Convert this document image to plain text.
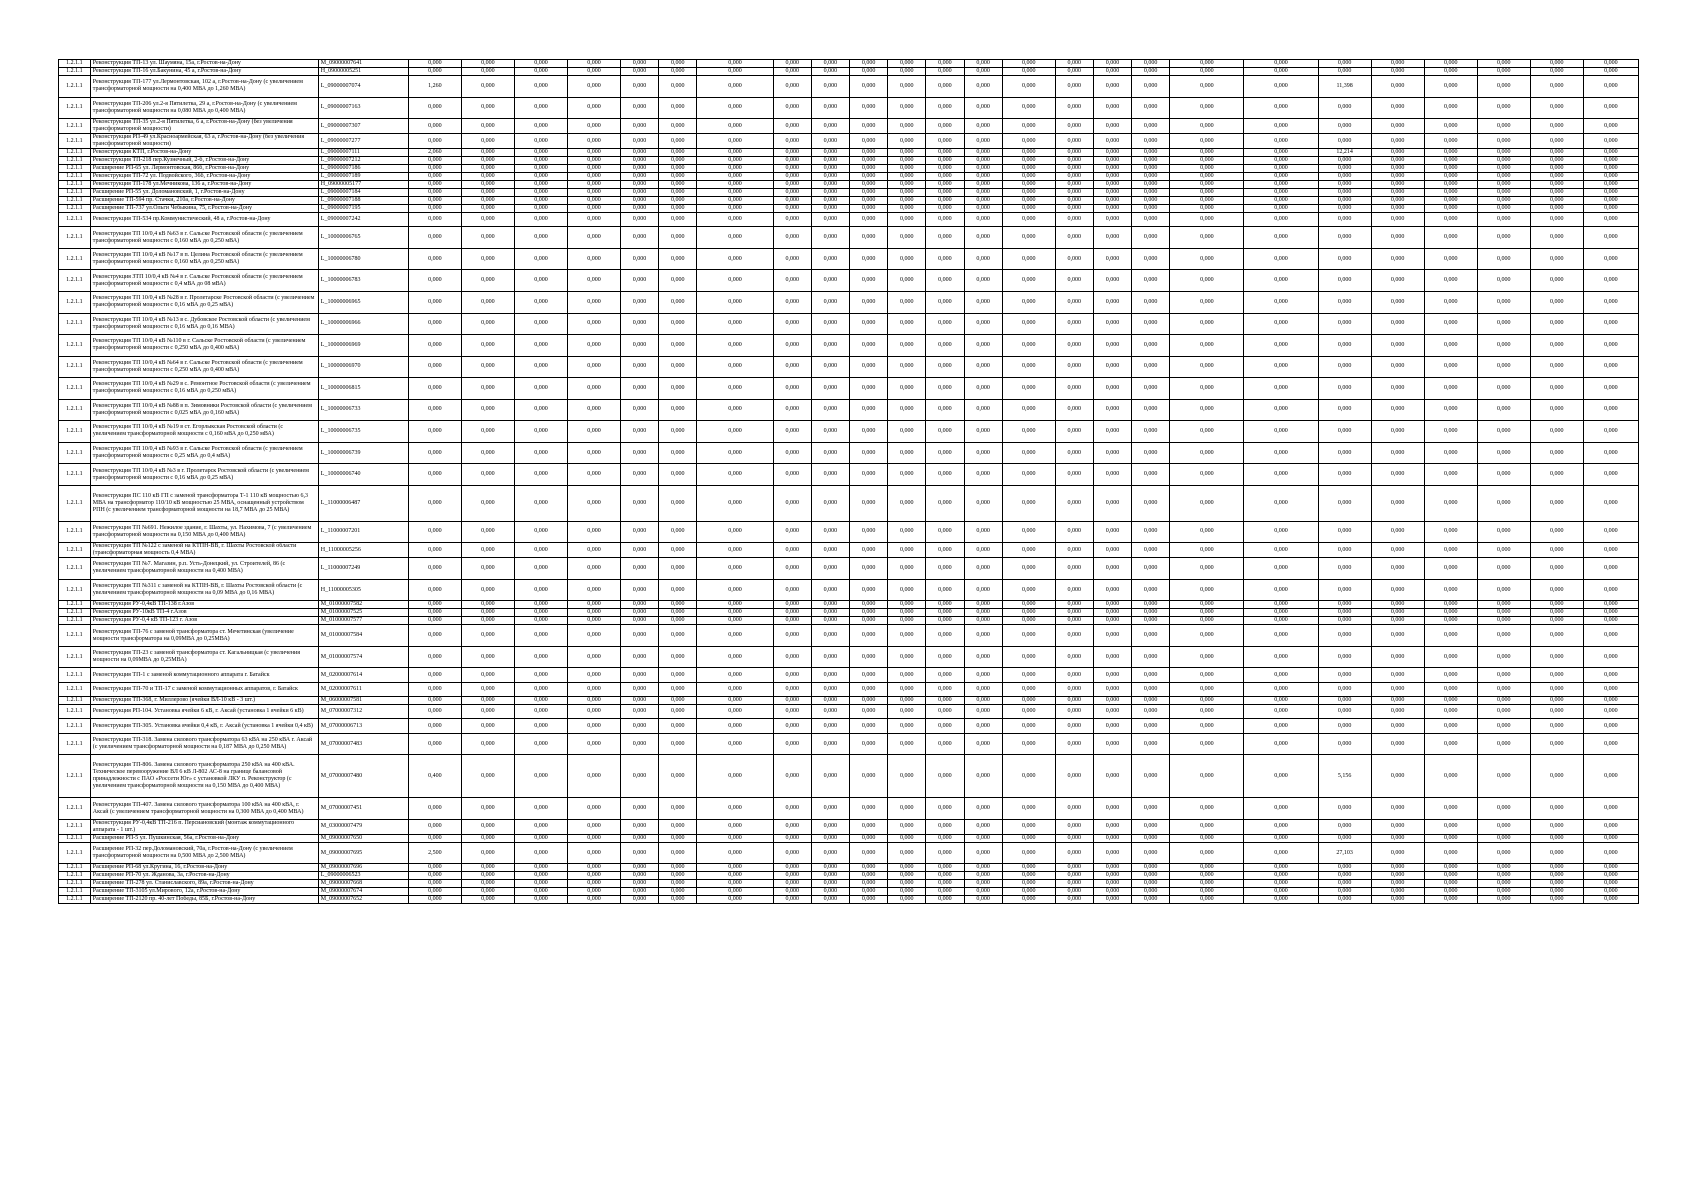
1.2.1.1	Реконструкция ТП-13 ул. Шаумяна, 15а, г.Ростов-на-Дону	M_09000007641	0,000	0,000	0,000	0,000	0,000	0,000	0,000	0,000	0,000	0,000	0,000	0,000	0,000	0,000	0,000	0,000	0,000	0,000	0,000	0,000	0,000	0,000	0,000	0,000	0,000
1.2.1.1	Реконструкция ТП-16 ул.Бакунина, 45 а, г.Ростов-на-Дону	H_09000005251	0,000	0,000	0,000	0,000	0,000	0,000	0,000	0,000	0,000	0,000	0,000	0,000	0,000	0,000	0,000	0,000	0,000	0,000	0,000	0,000	0,000	0,000	0,000	0,000	0,000
1.2.1.1	Реконструкция ТП-177 ул.Лермонтовская, 102 а, г.Ростов-на-Дону (с увеличением трансформаторной мощности на 0,400 МВА до 1,260 МВА)	L_09000007074	1,260	0,000	0,000	0,000	0,000	0,000	0,000	0,000	0,000	0,000	0,000	0,000	0,000	0,000	0,000	0,000	0,000	0,000	0,000	11,398	0,000	0,000	0,000	0,000	0,000
1.2.1.1	Реконструкция ТП-206 ул.2-я Пятилетка, 29 а, г.Ростов-на-Дону (с увеличением трансформаторной мощности на 0,080 МВА до 0,400 МВА)	L_09000007163	0,000	0,000	0,000	0,000	0,000	0,000	0,000	0,000	0,000	0,000	0,000	0,000	0,000	0,000	0,000	0,000	0,000	0,000	0,000	0,000	0,000	0,000	0,000	0,000	0,000
1.2.1.1	Реконструкция ТП-35 ул.2-я Пятилетка, 6 а, г.Ростов-на-Дону (без увеличения трансформаторной мощности)	L_09000007307	0,000	0,000	0,000	0,000	0,000	0,000	0,000	0,000	0,000	0,000	0,000	0,000	0,000	0,000	0,000	0,000	0,000	0,000	0,000	0,000	0,000	0,000	0,000	0,000	0,000
1.2.1.1	Реконструкция РП-49 ул.Красноармейская, 63 а, г.Ростов-на-Дону (без увеличения трансформаторной мощности)	L_09000007277	0,000	0,000	0,000	0,000	0,000	0,000	0,000	0,000	0,000	0,000	0,000	0,000	0,000	0,000	0,000	0,000	0,000	0,000	0,000	0,000	0,000	0,000	0,000	0,000	0,000
1.2.1.1	Реконструкция КТП, г.Ростов-на-Дону	L_09000007111	2,060	0,000	0,000	0,000	0,000	0,000	0,000	0,000	0,000	0,000	0,000	0,000	0,000	0,000	0,000	0,000	0,000	0,000	0,000	12,214	0,000	0,000	0,000	0,000	0,000
1.2.1.1	Реконструкция ТП-218 пер.Кузнечный, 2-б, г.Ростов-на-Дону	L_09000007212	0,000	0,000	0,000	0,000	0,000	0,000	0,000	0,000	0,000	0,000	0,000	0,000	0,000	0,000	0,000	0,000	0,000	0,000	0,000	0,000	0,000	0,000	0,000	0,000	0,000
1.2.1.1	Расширение РП-65 ул. Лермонтовская, 86б, г.Ростов-на-Дону	L_09000007186	0,000	0,000	0,000	0,000	0,000	0,000	0,000	0,000	0,000	0,000	0,000	0,000	0,000	0,000	0,000	0,000	0,000	0,000	0,000	0,000	0,000	0,000	0,000	0,000	0,000
1.2.1.1	Реконструкция ТП-72 ул. Подвойского, 36б, г.Ростов-на-Дону	L_09000007189	0,000	0,000	0,000	0,000	0,000	0,000	0,000	0,000	0,000	0,000	0,000	0,000	0,000	0,000	0,000	0,000	0,000	0,000	0,000	0,000	0,000	0,000	0,000	0,000	0,000
1.2.1.1	Реконструкция ТП-178 ул.Мечникова, 136 а, г.Ростов-на-Дону	H_09000005177	0,000	0,000	0,000	0,000	0,000	0,000	0,000	0,000	0,000	0,000	0,000	0,000	0,000	0,000	0,000	0,000	0,000	0,000	0,000	0,000	0,000	0,000	0,000	0,000	0,000
1.2.1.1	Расширение РП-55 ул. Доломановский, 1, г.Ростов-на-Дону	L_09000007184	0,000	0,000	0,000	0,000	0,000	0,000	0,000	0,000	0,000	0,000	0,000	0,000	0,000	0,000	0,000	0,000	0,000	0,000	0,000	0,000	0,000	0,000	0,000	0,000	0,000
1.2.1.1	Расширение ТП-594 пр. Стачки, 210а, г.Ростов-на-Дону	L_09000007188	0,000	0,000	0,000	0,000	0,000	0,000	0,000	0,000	0,000	0,000	0,000	0,000	0,000	0,000	0,000	0,000	0,000	0,000	0,000	0,000	0,000	0,000	0,000	0,000	0,000
1.2.1.1	Расширение ТП-737 ул.Ольги Чебыкина, 75, г.Ростов-на-Дону	L_09000007195	0,000	0,000	0,000	0,000	0,000	0,000	0,000	0,000	0,000	0,000	0,000	0,000	0,000	0,000	0,000	0,000	0,000	0,000	0,000	0,000	0,000	0,000	0,000	0,000	0,000
1.2.1.1	Реконструкция ТП-534 пр.Коммунистический, 48 а, г.Ростов-на-Дону	L_09000007242	0,000	0,000	0,000	0,000	0,000	0,000	0,000	0,000	0,000	0,000	0,000	0,000	0,000	0,000	0,000	0,000	0,000	0,000	0,000	0,000	0,000	0,000	0,000	0,000	0,000
1.2.1.1	Реконструкция ТП 10/0,4 кВ №63 в г. Сальске Ростовской области (с увеличением трансформаторной мощности с 0,160 мВА до 0,250 мВА)	L_10000006765	0,000	0,000	0,000	0,000	0,000	0,000	0,000	0,000	0,000	0,000	0,000	0,000	0,000	0,000	0,000	0,000	0,000	0,000	0,000	0,000	0,000	0,000	0,000	0,000	0,000
1.2.1.1	Реконструкция ТП 10/0,4 кВ №17 в п. Целина Ростовской области (с увеличением трансформаторной мощности с 0,160 мВА до 0,250 мВА)	L_10000006780	0,000	0,000	0,000	0,000	0,000	0,000	0,000	0,000	0,000	0,000	0,000	0,000	0,000	0,000	0,000	0,000	0,000	0,000	0,000	0,000	0,000	0,000	0,000	0,000	0,000
1.2.1.1	Реконструкция ЗТП 10/0,4 кВ №4 в г. Сальске Ростовской области (с увеличением трансформаторной мощности с 0,4 мВА до 08 мВА)	L_10000006783	0,000	0,000	0,000	0,000	0,000	0,000	0,000	0,000	0,000	0,000	0,000	0,000	0,000	0,000	0,000	0,000	0,000	0,000	0,000	0,000	0,000	0,000	0,000	0,000	0,000
1.2.1.1	Реконструкция ТП 10/0,4 кВ №28 в г. Пролетарске Ростовской области (с увеличением трансформаторной мощности с 0,16 мВА до 0,25 мВА)	L_10000006965	0,000	0,000	0,000	0,000	0,000	0,000	0,000	0,000	0,000	0,000	0,000	0,000	0,000	0,000	0,000	0,000	0,000	0,000	0,000	0,000	0,000	0,000	0,000	0,000	0,000
1.2.1.1	Реконструкция ТП 10/0,4 кВ №13 в с. Дубовское Ростовской области (с увеличением трансформаторной мощности с 0,16 мВА до 0,16 МВА)	L_10000006966	0,000	0,000	0,000	0,000	0,000	0,000	0,000	0,000	0,000	0,000	0,000	0,000	0,000	0,000	0,000	0,000	0,000	0,000	0,000	0,000	0,000	0,000	0,000	0,000	0,000
1.2.1.1	Реконструкция ТП 10/0,4 кВ №110 в г. Сальске Ростовской области (с увеличением трансформаторной мощности с 0,250 мВА до 0,400 мВА)	L_10000006969	0,000	0,000	0,000	0,000	0,000	0,000	0,000	0,000	0,000	0,000	0,000	0,000	0,000	0,000	0,000	0,000	0,000	0,000	0,000	0,000	0,000	0,000	0,000	0,000	0,000
1.2.1.1	Реконструкция ТП 10/0,4 кВ №64 в г. Сальске Ростовской области (с увеличением трансформаторной мощности с 0,250 мВА до 0,400 мВА)	L_10000006970	0,000	0,000	0,000	0,000	0,000	0,000	0,000	0,000	0,000	0,000	0,000	0,000	0,000	0,000	0,000	0,000	0,000	0,000	0,000	0,000	0,000	0,000	0,000	0,000	0,000
1.2.1.1	Реконструкция ТП 10/0,4 кВ №29 в с. Ремонтное Ростовской области (с увеличением трансформаторной мощности с 0,16 мВА до 0,250 мВА)	L_10000006815	0,000	0,000	0,000	0,000	0,000	0,000	0,000	0,000	0,000	0,000	0,000	0,000	0,000	0,000	0,000	0,000	0,000	0,000	0,000	0,000	0,000	0,000	0,000	0,000	0,000
1.2.1.1	Реконструкция ТП 10/0,4 кВ №88 в п. Зимовники Ростовской области (с увеличением трансформаторной мощности с 0,025 мВА до 0,160 мВА)	L_10000006733	0,000	0,000	0,000	0,000	0,000	0,000	0,000	0,000	0,000	0,000	0,000	0,000	0,000	0,000	0,000	0,000	0,000	0,000	0,000	0,000	0,000	0,000	0,000	0,000	0,000
1.2.1.1	Реконструкция ТП 10/0,4 кВ №19 в ст. Егорлыкская Ростовской области (с увеличением трансформаторной мощности с 0,160 мВА до 0,250 мВА)	L_10000006735	0,000	0,000	0,000	0,000	0,000	0,000	0,000	0,000	0,000	0,000	0,000	0,000	0,000	0,000	0,000	0,000	0,000	0,000	0,000	0,000	0,000	0,000	0,000	0,000	0,000
1.2.1.1	Реконструкция ТП 10/0,4 кВ №93 в г. Сальске Ростовской области (с увеличением трансформаторной мощности с 0,25 мВА до 0,4 мВА)	L_10000006739	0,000	0,000	0,000	0,000	0,000	0,000	0,000	0,000	0,000	0,000	0,000	0,000	0,000	0,000	0,000	0,000	0,000	0,000	0,000	0,000	0,000	0,000	0,000	0,000	0,000
1.2.1.1	Реконструкция ТП 10/0,4 кВ №3 в г. Пролетарск Ростовской области (с увеличением трансформаторной мощности с 0,16 мВА до 0,25 мВА)	L_10000006740	0,000	0,000	0,000	0,000	0,000	0,000	0,000	0,000	0,000	0,000	0,000	0,000	0,000	0,000	0,000	0,000	0,000	0,000	0,000	0,000	0,000	0,000	0,000	0,000	0,000
1.2.1.1	Реконструкция ПС 110 кВ ГП с заменой трансформатора Т-1 110 кВ мощностью 6,3 МВА на трансформатор 110/10 кВ мощностью 25 МВА, оснащенный устройством РПН (с увеличением трансформаторной мощности на 18,7 МВА до 25 МВА)	L_11000006487	0,000	0,000	0,000	0,000	0,000	0,000	0,000	0,000	0,000	0,000	0,000	0,000	0,000	0,000	0,000	0,000	0,000	0,000	0,000	0,000	0,000	0,000	0,000	0,000	0,000
1.2.1.1	Реконструкция ТП №691. Нежилое здание, г. Шахты, ул. Нахимова, 7 (с увеличением трансформаторной мощности на 0,150 МВА до 0,400 МВА)	L_11000007201	0,000	0,000	0,000	0,000	0,000	0,000	0,000	0,000	0,000	0,000	0,000	0,000	0,000	0,000	0,000	0,000	0,000	0,000	0,000	0,000	0,000	0,000	0,000	0,000	0,000
1.2.1.1	Реконструкция ТП №122 с заменой на КТПН-ВВ, г. Шахты Ростовской области (трансформаторная мощность 0,4 МВА)	H_11000005256	0,000	0,000	0,000	0,000	0,000	0,000	0,000	0,000	0,000	0,000	0,000	0,000	0,000	0,000	0,000	0,000	0,000	0,000	0,000	0,000	0,000	0,000	0,000	0,000	0,000
1.2.1.1	Реконструкция ТП №7. Магазин, р.п. Усть-Донецкий, ул. Строителей, 86 (с увеличением трансформаторной мощности на 0,400 МВА)	L_11000007249	0,000	0,000	0,000	0,000	0,000	0,000	0,000	0,000	0,000	0,000	0,000	0,000	0,000	0,000	0,000	0,000	0,000	0,000	0,000	0,000	0,000	0,000	0,000	0,000	0,000
1.2.1.1	Реконструкция ТП №311 с заменой на КТПН-ВВ, г. Шахты Ростовской области (с увеличением трансформаторной мощности на 0,09 МВА до 0,16 МВА)	H_11000005305	0,000	0,000	0,000	0,000	0,000	0,000	0,000	0,000	0,000	0,000	0,000	0,000	0,000	0,000	0,000	0,000	0,000	0,000	0,000	0,000	0,000	0,000	0,000	0,000	0,000
1.2.1.1	Реконструкция РУ-0,4кВ ТП-138 г.Азов	M_01000007582	0,000	0,000	0,000	0,000	0,000	0,000	0,000	0,000	0,000	0,000	0,000	0,000	0,000	0,000	0,000	0,000	0,000	0,000	0,000	0,000	0,000	0,000	0,000	0,000	0,000
1.2.1.1	Реконструкция РУ-10кВ ТП-4 г.Азов	M_01000007525	0,000	0,000	0,000	0,000	0,000	0,000	0,000	0,000	0,000	0,000	0,000	0,000	0,000	0,000	0,000	0,000	0,000	0,000	0,000	0,000	0,000	0,000	0,000	0,000	0,000
1.2.1.1	Реконструкция РУ-0,4 кВ ТП-123 г. Азов	M_01000007577	0,000	0,000	0,000	0,000	0,000	0,000	0,000	0,000	0,000	0,000	0,000	0,000	0,000	0,000	0,000	0,000	0,000	0,000	0,000	0,000	0,000	0,000	0,000	0,000	0,000
1.2.1.1	Реконструкция ТП-76 с заменой трансформатора ст. Мечетинская (увеличение мощности трансформатора на 0,09МВА до 0,25МВА)	M_01000007584	0,000	0,000	0,000	0,000	0,000	0,000	0,000	0,000	0,000	0,000	0,000	0,000	0,000	0,000	0,000	0,000	0,000	0,000	0,000	0,000	0,000	0,000	0,000	0,000	0,000
1.2.1.1	Реконструкция ТП-23 с заменой трансформатора ст. Кагальницкая (с увеличения мощности на 0,09МВА до 0,25МВА)	M_01000007574	0,000	0,000	0,000	0,000	0,000	0,000	0,000	0,000	0,000	0,000	0,000	0,000	0,000	0,000	0,000	0,000	0,000	0,000	0,000	0,000	0,000	0,000	0,000	0,000	0,000
1.2.1.1	Реконструкция ТП-1 с заменой коммутационного аппарата г. Батайск	M_02000007614	0,000	0,000	0,000	0,000	0,000	0,000	0,000	0,000	0,000	0,000	0,000	0,000	0,000	0,000	0,000	0,000	0,000	0,000	0,000	0,000	0,000	0,000	0,000	0,000	0,000
1.2.1.1	Реконструкция ТП-70 и ТП-17 с заменой коммутационных аппаратов, г. Батайск	M_02000007611	0,000	0,000	0,000	0,000	0,000	0,000	0,000	0,000	0,000	0,000	0,000	0,000	0,000	0,000	0,000	0,000	0,000	0,000	0,000	0,000	0,000	0,000	0,000	0,000	0,000
1.2.1.1	Реконструкция ТП-368, г. Миллерово (ячейки ВЛ-10 кВ - 3 шт.)	M_06000007581	0,000	0,000	0,000	0,000	0,000	0,000	0,000	0,000	0,000	0,000	0,000	0,000	0,000	0,000	0,000	0,000	0,000	0,000	0,000	0,000	0,000	0,000	0,000	0,000	0,000
1.2.1.1	Реконструкция РП-104. Установка ячейки 6 кВ, г. Аксай (установка 1 ячейки 6 кВ)	M_07000007312	0,000	0,000	0,000	0,000	0,000	0,000	0,000	0,000	0,000	0,000	0,000	0,000	0,000	0,000	0,000	0,000	0,000	0,000	0,000	0,000	0,000	0,000	0,000	0,000	0,000
1.2.1.1	Реконструкция ТП-305. Установка ячейки 0,4 кВ, г. Аксай (установка 1 ячейки 0,4 кВ)	M_07000006713	0,000	0,000	0,000	0,000	0,000	0,000	0,000	0,000	0,000	0,000	0,000	0,000	0,000	0,000	0,000	0,000	0,000	0,000	0,000	0,000	0,000	0,000	0,000	0,000	0,000
1.2.1.1	Реконструкция ТП-318. Замена силового трансформатора 63 кВА на 250 кВА г. Аксай (с увеличением трансформаторной мощности на 0,187 МВА до 0,250 МВА)	M_07000007483	0,000	0,000	0,000	0,000	0,000	0,000	0,000	0,000	0,000	0,000	0,000	0,000	0,000	0,000	0,000	0,000	0,000	0,000	0,000	0,000	0,000	0,000	0,000	0,000	0,000
1.2.1.1	Реконструкция ТП-806. Замена силового трансформатора 250 кВА на 400 кВА. Техническое перевооружение ВЛ 6 кВ Л-802 АС-8 на границе балансовой принадлежности с ПАО «Россети Юг» с установкой ЛКУ п. Реконструктор (с увеличением трансформаторной мощности на 0,150 МВА до 0,400 МВА)	M_07000007480	0,400	0,000	0,000	0,000	0,000	0,000	0,000	0,000	0,000	0,000	0,000	0,000	0,000	0,000	0,000	0,000	0,000	0,000	0,000	5,156	0,000	0,000	0,000	0,000	0,000
1.2.1.1	Реконструкция ТП-407. Замена силового трансформатора 100 кВА на 400 кВА, г. Аксай (с увеличением трансформаторной мощности на 0,300 МВА до 0,400 МВА)	M_07000007451	0,000	0,000	0,000	0,000	0,000	0,000	0,000	0,000	0,000	0,000	0,000	0,000	0,000	0,000	0,000	0,000	0,000	0,000	0,000	0,000	0,000	0,000	0,000	0,000	0,000
1.2.1.1	Реконструкция РУ-0,4кВ ТП-216 п. Персиановский (монтаж коммутационного аппарата - 1 шт.)	M_03000007479	0,000	0,000	0,000	0,000	0,000	0,000	0,000	0,000	0,000	0,000	0,000	0,000	0,000	0,000	0,000	0,000	0,000	0,000	0,000	0,000	0,000	0,000	0,000	0,000	0,000
1.2.1.1	Расширение РП-5 ул. Пушкинская, 56а, г.Ростов-на-Дону	M_09000007650	0,000	0,000	0,000	0,000	0,000	0,000	0,000	0,000	0,000	0,000	0,000	0,000	0,000	0,000	0,000	0,000	0,000	0,000	0,000	0,000	0,000	0,000	0,000	0,000	0,000
1.2.1.1	Расширение РП-32 пер.Доломановский, 70а, г.Ростов-на-Дону (с увеличением трансформаторной мощности на 0,500 МВА до 2,500 МВА)	M_09000007695	2,500	0,000	0,000	0,000	0,000	0,000	0,000	0,000	0,000	0,000	0,000	0,000	0,000	0,000	0,000	0,000	0,000	0,000	0,000	27,103	0,000	0,000	0,000	0,000	0,000
1.2.1.1	Расширение РП-68 ул.Кругина, 16, г.Ростов-на-Дону	M_09000007696	0,000	0,000	0,000	0,000	0,000	0,000	0,000	0,000	0,000	0,000	0,000	0,000	0,000	0,000	0,000	0,000	0,000	0,000	0,000	0,000	0,000	0,000	0,000	0,000	0,000
1.2.1.1	Расширение РП-70 ул. Жданова, 3а, г.Ростов-на-Дону	L_09000006523	0,000	0,000	0,000	0,000	0,000	0,000	0,000	0,000	0,000	0,000	0,000	0,000	0,000	0,000	0,000	0,000	0,000	0,000	0,000	0,000	0,000	0,000	0,000	0,000	0,000
1.2.1.1	Расширение ТП-278 ул. Станиславского, 89а, г.Ростов-на-Дону	M_09000007668	0,000	0,000	0,000	0,000	0,000	0,000	0,000	0,000	0,000	0,000	0,000	0,000	0,000	0,000	0,000	0,000	0,000	0,000	0,000	0,000	0,000	0,000	0,000	0,000	0,000
1.2.1.1	Расширение ТП-3105 ул.Мирового, 12а, г.Ростов-на-Дону	M_09000007674	0,000	0,000	0,000	0,000	0,000	0,000	0,000	0,000	0,000	0,000	0,000	0,000	0,000	0,000	0,000	0,000	0,000	0,000	0,000	0,000	0,000	0,000	0,000	0,000	0,000
1.2.1.1	Расширение ТП-2120 пр. 40-лет Победы, 85Б, г.Ростов-на-Дону	M_09000007652	0,000	0,000	0,000	0,000	0,000	0,000	0,000	0,000	0,000	0,000	0,000	0,000	0,000	0,000	0,000	0,000	0,000	0,000	0,000	0,000	0,000	0,000	0,000	0,000	0,000
